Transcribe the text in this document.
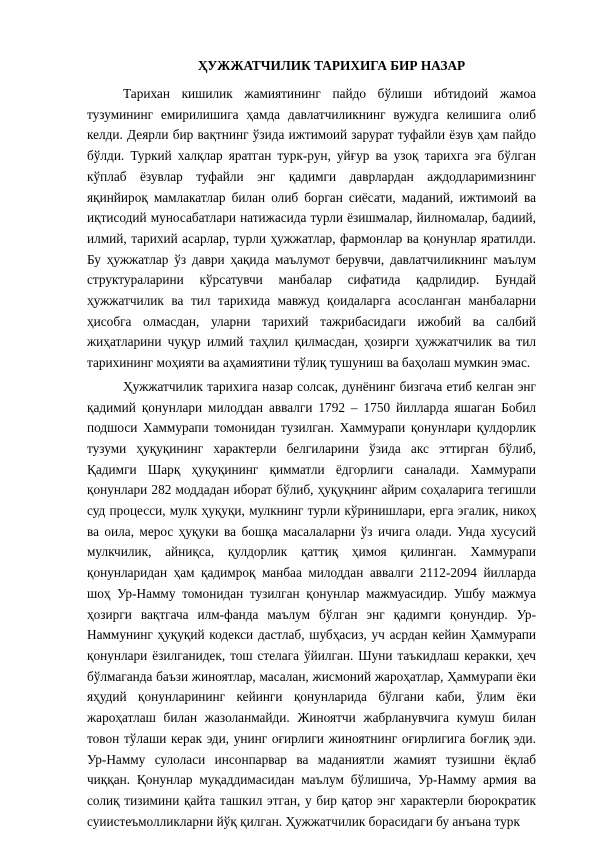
ҲУЖЖАТЧИЛИК ТАРИХИГА БИР НАЗАР

Тарихан кишилик жамиятининг пайдо бўлиши ибтидоий жамоа тузумининг емирилишига ҳамда давлатчиликнинг вужудга келишига олиб келди. Деярли бир вақтнинг ўзида ижтимоий зарурат туфайли ёзув ҳам пайдо бўлди. Туркий халқлар яратган турк-рун, уйғур ва узоқ тарихга эга бўлган кўплаб ёзувлар туфайли энг қадимги даврлардан аждодларимизнинг яқинйироқ мамлакатлар билан олиб борган сиёсати, маданий, ижтимоий ва иқтисодий муносабатлари натижасида турли ёзишмалар, йилномалар, бадиий, илмий, тарихий асарлар, турли ҳужжатлар, фармонлар ва қонунлар яратилди. Бу ҳужжатлар ўз даври ҳақида маълумот берувчи, давлатчиликнинг маълум структураларини кўрсатувчи манбалар сифатида қадрлидир. Бундай ҳужжатчилик ва тил тарихида мавжуд қоидаларга асосланган манбаларни ҳисобга олмасдан, уларни тарихий тажрибасидаги ижобий ва салбий жиҳатларини чуқур илмий таҳлил қилмасдан, ҳозирги ҳужжатчилик ва тил тарихининг моҳияти ва аҳамиятини тўлиқ тушуниш ва баҳолаш мумкин эмас.

Ҳужжатчилик тарихига назар солсак, дунёнинг бизгача етиб келган энг қадимий қонунлари милоддан аввалги 1792 – 1750 йилларда яшаган Бобил подшоси Хаммурапи томонидан тузилган. Хаммурапи қонунлари қулдорлик тузуми ҳуқуқининг характерли белгиларини ўзида акс эттирган бўлиб, Қадимги Шарқ ҳуқуқининг қимматли ёдгорлиги саналади. Хаммурапи қонунлари 282 моддадан иборат бўлиб, ҳуқуқнинг айрим соҳаларига тегишли суд процесси, мулк ҳуқуқи, мулкнинг турли кўринишлари, ерга эгалик, никоҳ ва оила, мерос ҳуқуки ва бошқа масалаларни ўз ичига олади. Унда хусусий мулкчилик, айниқса, қулдорлик қаттиқ ҳимоя қилинган. Хаммурапи қонунларидан ҳам қадимроқ манбаа милоддан аввалги 2112-2094 йилларда шоҳ Ур-Намму томонидан тузилган қонунлар мажмуасидир. Ушбу мажмуа ҳозирги вақтгача илм-фанда маълум бўлган энг қадимги қонундир. Ур-Наммунинг ҳуқуқий кодекси дастлаб, шубҳасиз, уч асрдан кейин Ҳаммурапи қонунлари ёзилганидек, тош стелага ўйилган. Шуни таъкидлаш керакки, ҳеч бўлмаганда баъзи жиноятлар, масалан, жисмоний жароҳатлар, Ҳаммурапи ёки яҳудий қонунларининг кейинги қонунларида бўлгани каби, ўлим ёки жароҳатлаш билан жазоланмайди. Жиноятчи жабрланувчига кумуш билан товон тўлаши керак эди, унинг оғирлиги жиноятнинг оғирлигига боғлиқ эди. Ур-Намму сулоласи инсонпарвар ва маданиятли жамият тузишни ёқлаб чиққан. Қонунлар муқаддимасидан маълум бўлишича, Ур-Намму армия ва солиқ тизимини қайта ташкил этган, у бир қатор энг характерли бюрократик суиистеъмолликларни йўқ қилган. Ҳужжатчилик борасидаги бу анъана турк
